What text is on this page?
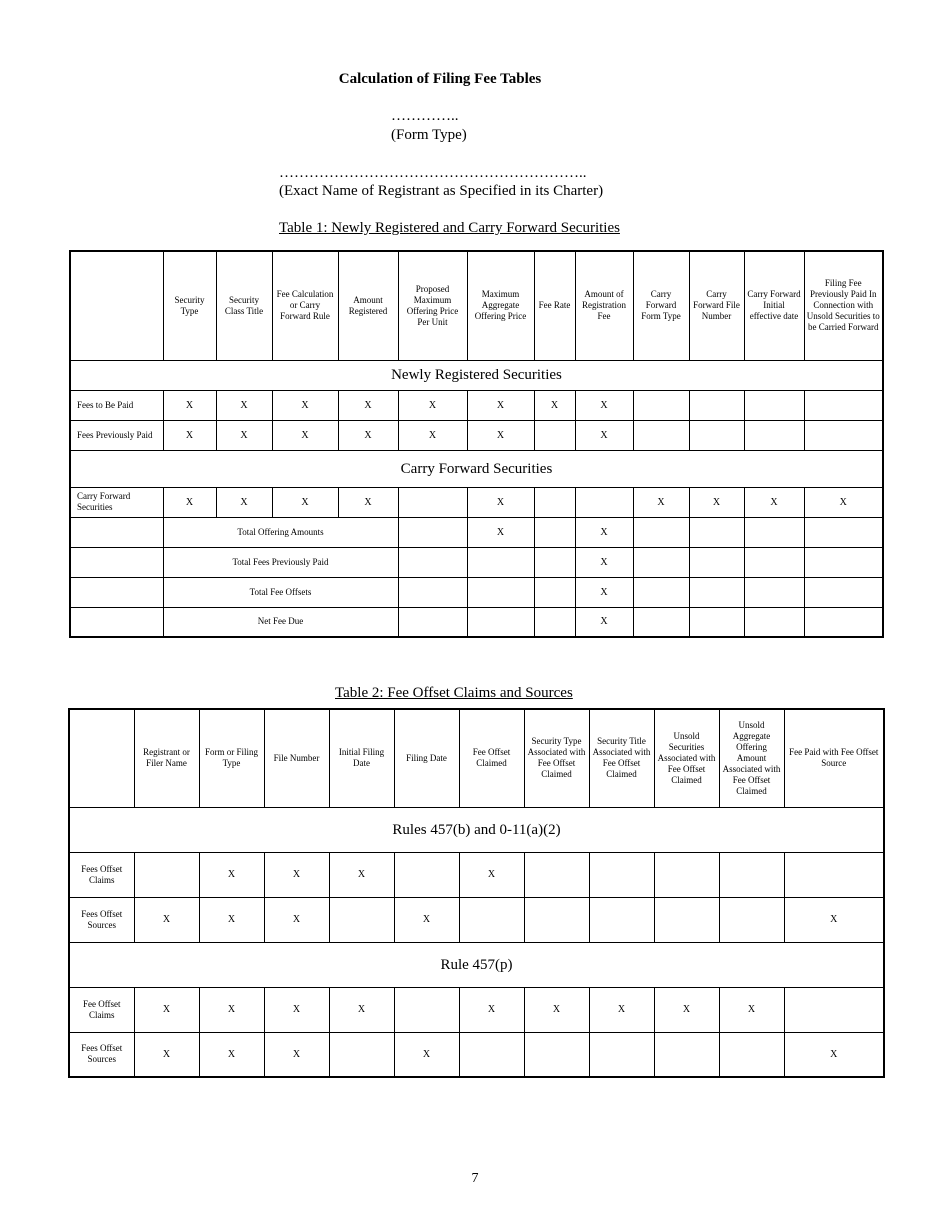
Calculation of Filing Fee Tables
…………..
(Form Type)
……………………………………………………..
(Exact Name of Registrant as Specified in its Charter)
Table 1: Newly Registered and Carry Forward Securities
	Security Type	Security Class Title	Fee Calculation or Carry Forward Rule	Amount Registered	Proposed Maximum Offering Price Per Unit	Maximum Aggregate Offering Price	Fee Rate	Amount of Registration Fee	Carry Forward Form Type	Carry Forward File Number	Carry Forward Initial effective date	Filing Fee Previously Paid In Connection with Unsold Securities to be Carried Forward
Newly Registered Securities												
Fees to Be Paid	X	X	X	X	X	X	X	X				
Fees Previously Paid	X	X	X	X	X	X		X				
Carry Forward Securities												
Carry Forward Securities	X	X	X	X		X			X	X	X	X
	Total Offering Amounts					X		X				
	Total Fees Previously Paid							X				
	Total Fee Offsets							X				
	Net Fee Due							X				
Table 2: Fee Offset Claims and Sources
	Registrant or Filer Name	Form or Filing Type	File Number	Initial Filing Date	Filing Date	Fee Offset Claimed	Security Type Associated with Fee Offset Claimed	Security Title Associated with Fee Offset Claimed	Unsold Securities Associated with Fee Offset Claimed	Unsold Aggregate Offering Amount Associated with Fee Offset Claimed	Fee Paid with Fee Offset Source
Rules 457(b) and 0-11(a)(2)											
Fees Offset Claims		X	X	X		X					
Fees Offset Sources	X	X	X		X						X
Rule 457(p)											
Fee Offset Claims	X	X	X	X		X	X	X	X	X	
Fees Offset Sources	X	X	X		X						X
7
